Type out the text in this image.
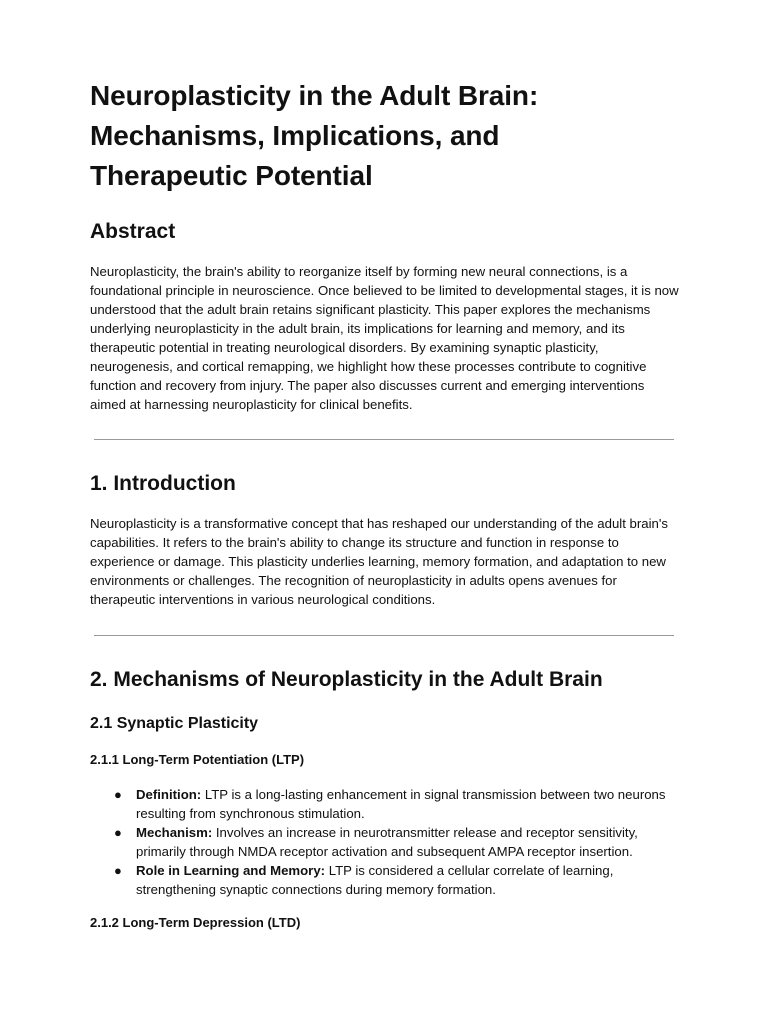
Neuroplasticity in the Adult Brain:
Mechanisms, Implications, and
Therapeutic Potential
Abstract

Neuroplasticity, the brain's ability to reorganize itself by forming new neural connections, is a foundational principle in neuroscience. Once believed to be limited to developmental stages, it is now understood that the adult brain retains significant plasticity. This paper explores the mechanisms underlying neuroplasticity in the adult brain, its implications for learning and memory, and its therapeutic potential in treating neurological disorders. By examining synaptic plasticity, neurogenesis, and cortical remapping, we highlight how these processes contribute to cognitive function and recovery from injury. The paper also discusses current and emerging interventions aimed at harnessing neuroplasticity for clinical benefits.

1. Introduction

Neuroplasticity is a transformative concept that has reshaped our understanding of the adult brain's capabilities. It refers to the brain's ability to change its structure and function in response to experience or damage. This plasticity underlies learning, memory formation, and adaptation to new environments or challenges. The recognition of neuroplasticity in adults opens avenues for therapeutic interventions in various neurological conditions.

2. Mechanisms of Neuroplasticity in the Adult Brain
2.1 Synaptic Plasticity
2.1.1 Long-Term Potentiation (LTP)
● Definition: LTP is a long-lasting enhancement in signal transmission between two neurons resulting from synchronous stimulation.
● Mechanism: Involves an increase in neurotransmitter release and receptor sensitivity, primarily through NMDA receptor activation and subsequent AMPA receptor insertion.
● Role in Learning and Memory: LTP is considered a cellular correlate of learning, strengthening synaptic connections during memory formation.
2.1.2 Long-Term Depression (LTD)
